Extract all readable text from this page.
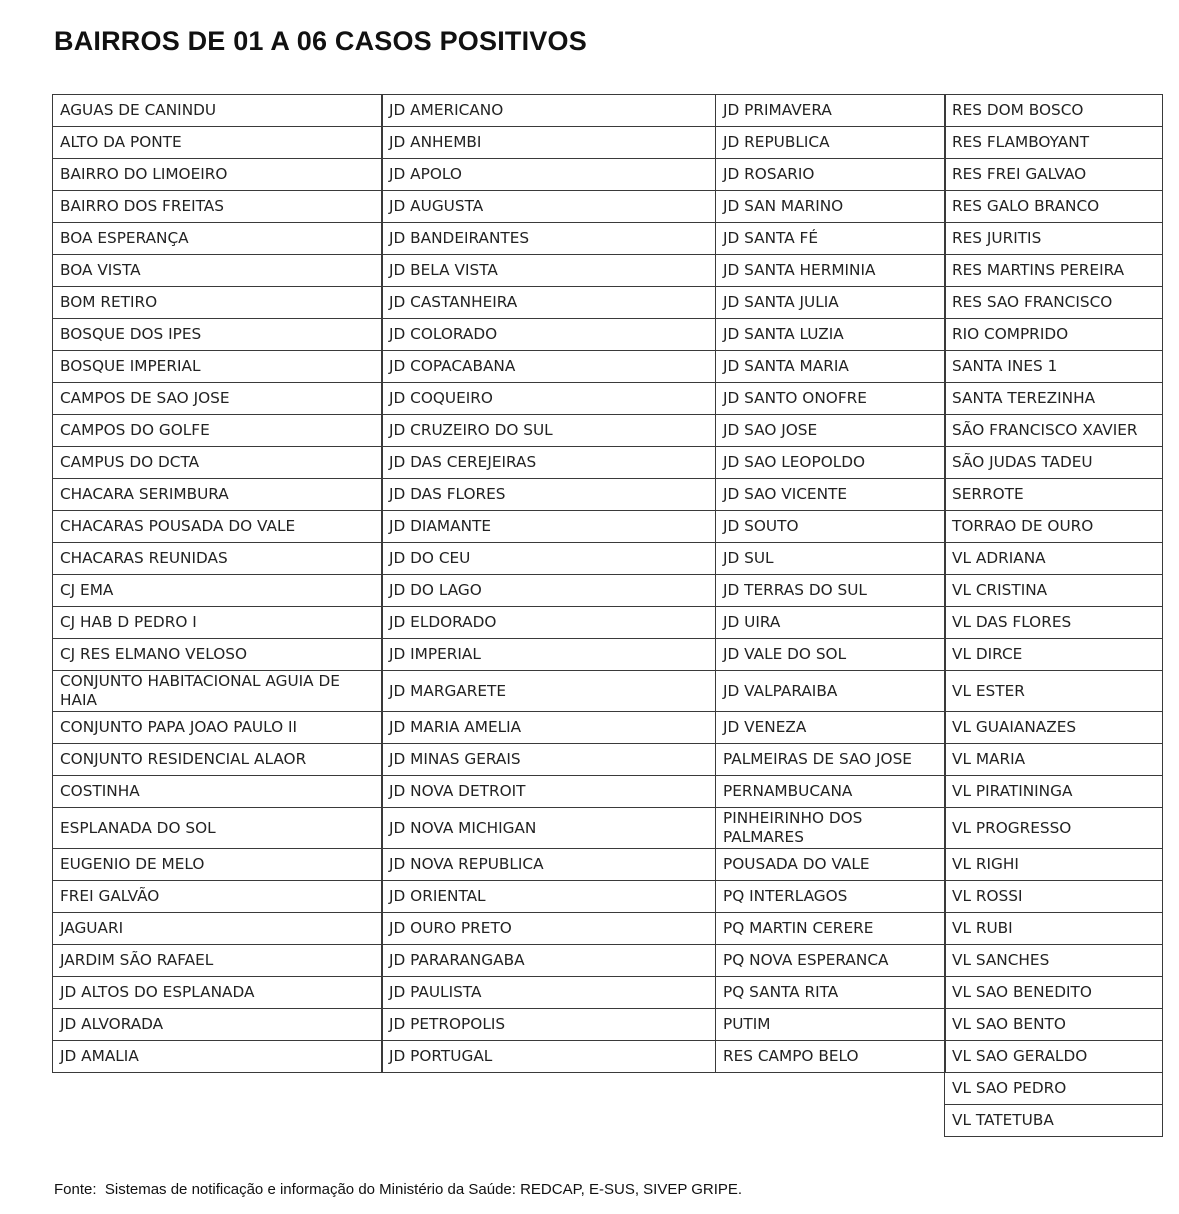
BAIRROS DE 01 A 06 CASOS POSITIVOS
AGUAS DE CANINDU
ALTO DA PONTE
BAIRRO DO LIMOEIRO
BAIRRO DOS FREITAS
BOA ESPERANÇA
BOA VISTA
BOM RETIRO
BOSQUE DOS IPES
BOSQUE IMPERIAL
CAMPOS DE SAO JOSE
CAMPOS DO GOLFE
CAMPUS DO DCTA
CHACARA SERIMBURA
CHACARAS POUSADA DO VALE
CHACARAS REUNIDAS
CJ EMA
CJ HAB D PEDRO I
CJ RES ELMANO VELOSO
CONJUNTO HABITACIONAL AGUIA DE HAIA
CONJUNTO PAPA JOAO PAULO II
CONJUNTO RESIDENCIAL ALAOR
COSTINHA
ESPLANADA DO SOL
EUGENIO DE MELO
FREI GALVÃO
JAGUARI
JARDIM SÃO RAFAEL
JD ALTOS DO ESPLANADA
JD ALVORADA
JD AMALIA
JD AMERICANO
JD ANHEMBI
JD APOLO
JD AUGUSTA
JD BANDEIRANTES
JD BELA VISTA
JD CASTANHEIRA
JD COLORADO
JD COPACABANA
JD COQUEIRO
JD CRUZEIRO DO SUL
JD DAS CEREJEIRAS
JD DAS FLORES
JD DIAMANTE
JD DO CEU
JD DO LAGO
JD ELDORADO
JD IMPERIAL
JD MARGARETE
JD MARIA AMELIA
JD MINAS GERAIS
JD NOVA DETROIT
JD NOVA MICHIGAN
JD NOVA REPUBLICA
JD ORIENTAL
JD OURO PRETO
JD PARARANGABA
JD PAULISTA
JD PETROPOLIS
JD PORTUGAL
JD PRIMAVERA
JD REPUBLICA
JD ROSARIO
JD SAN MARINO
JD SANTA FÉ
JD SANTA HERMINIA
JD SANTA JULIA
JD SANTA LUZIA
JD SANTA MARIA
JD SANTO ONOFRE
JD SAO JOSE
JD SAO LEOPOLDO
JD SAO VICENTE
JD SOUTO
JD SUL
JD TERRAS DO SUL
JD UIRA
JD VALE DO SOL
JD VALPARAIBA
JD VENEZA
PALMEIRAS DE SAO JOSE
PERNAMBUCANA
PINHEIRINHO DOS PALMARES
POUSADA DO VALE
PQ INTERLAGOS
PQ MARTIN CERERE
PQ NOVA ESPERANCA
PQ SANTA RITA
PUTIM
RES CAMPO BELO
RES DOM BOSCO
RES FLAMBOYANT
RES FREI GALVAO
RES GALO BRANCO
RES JURITIS
RES MARTINS PEREIRA
RES SAO FRANCISCO
RIO COMPRIDO
SANTA INES 1
SANTA TEREZINHA
SÃO FRANCISCO XAVIER
SÃO JUDAS TADEU
SERROTE
TORRAO DE OURO
VL ADRIANA
VL CRISTINA
VL DAS FLORES
VL DIRCE
VL ESTER
VL GUAIANAZES
VL MARIA
VL PIRATININGA
VL PROGRESSO
VL RIGHI
VL ROSSI
VL RUBI
VL SANCHES
VL SAO BENEDITO
VL SAO BENTO
VL SAO GERALDO
VL SAO PEDRO
VL TATETUBA
Fonte:  Sistemas de notificação e informação do Ministério da Saúde: REDCAP, E-SUS, SIVEP GRIPE.
